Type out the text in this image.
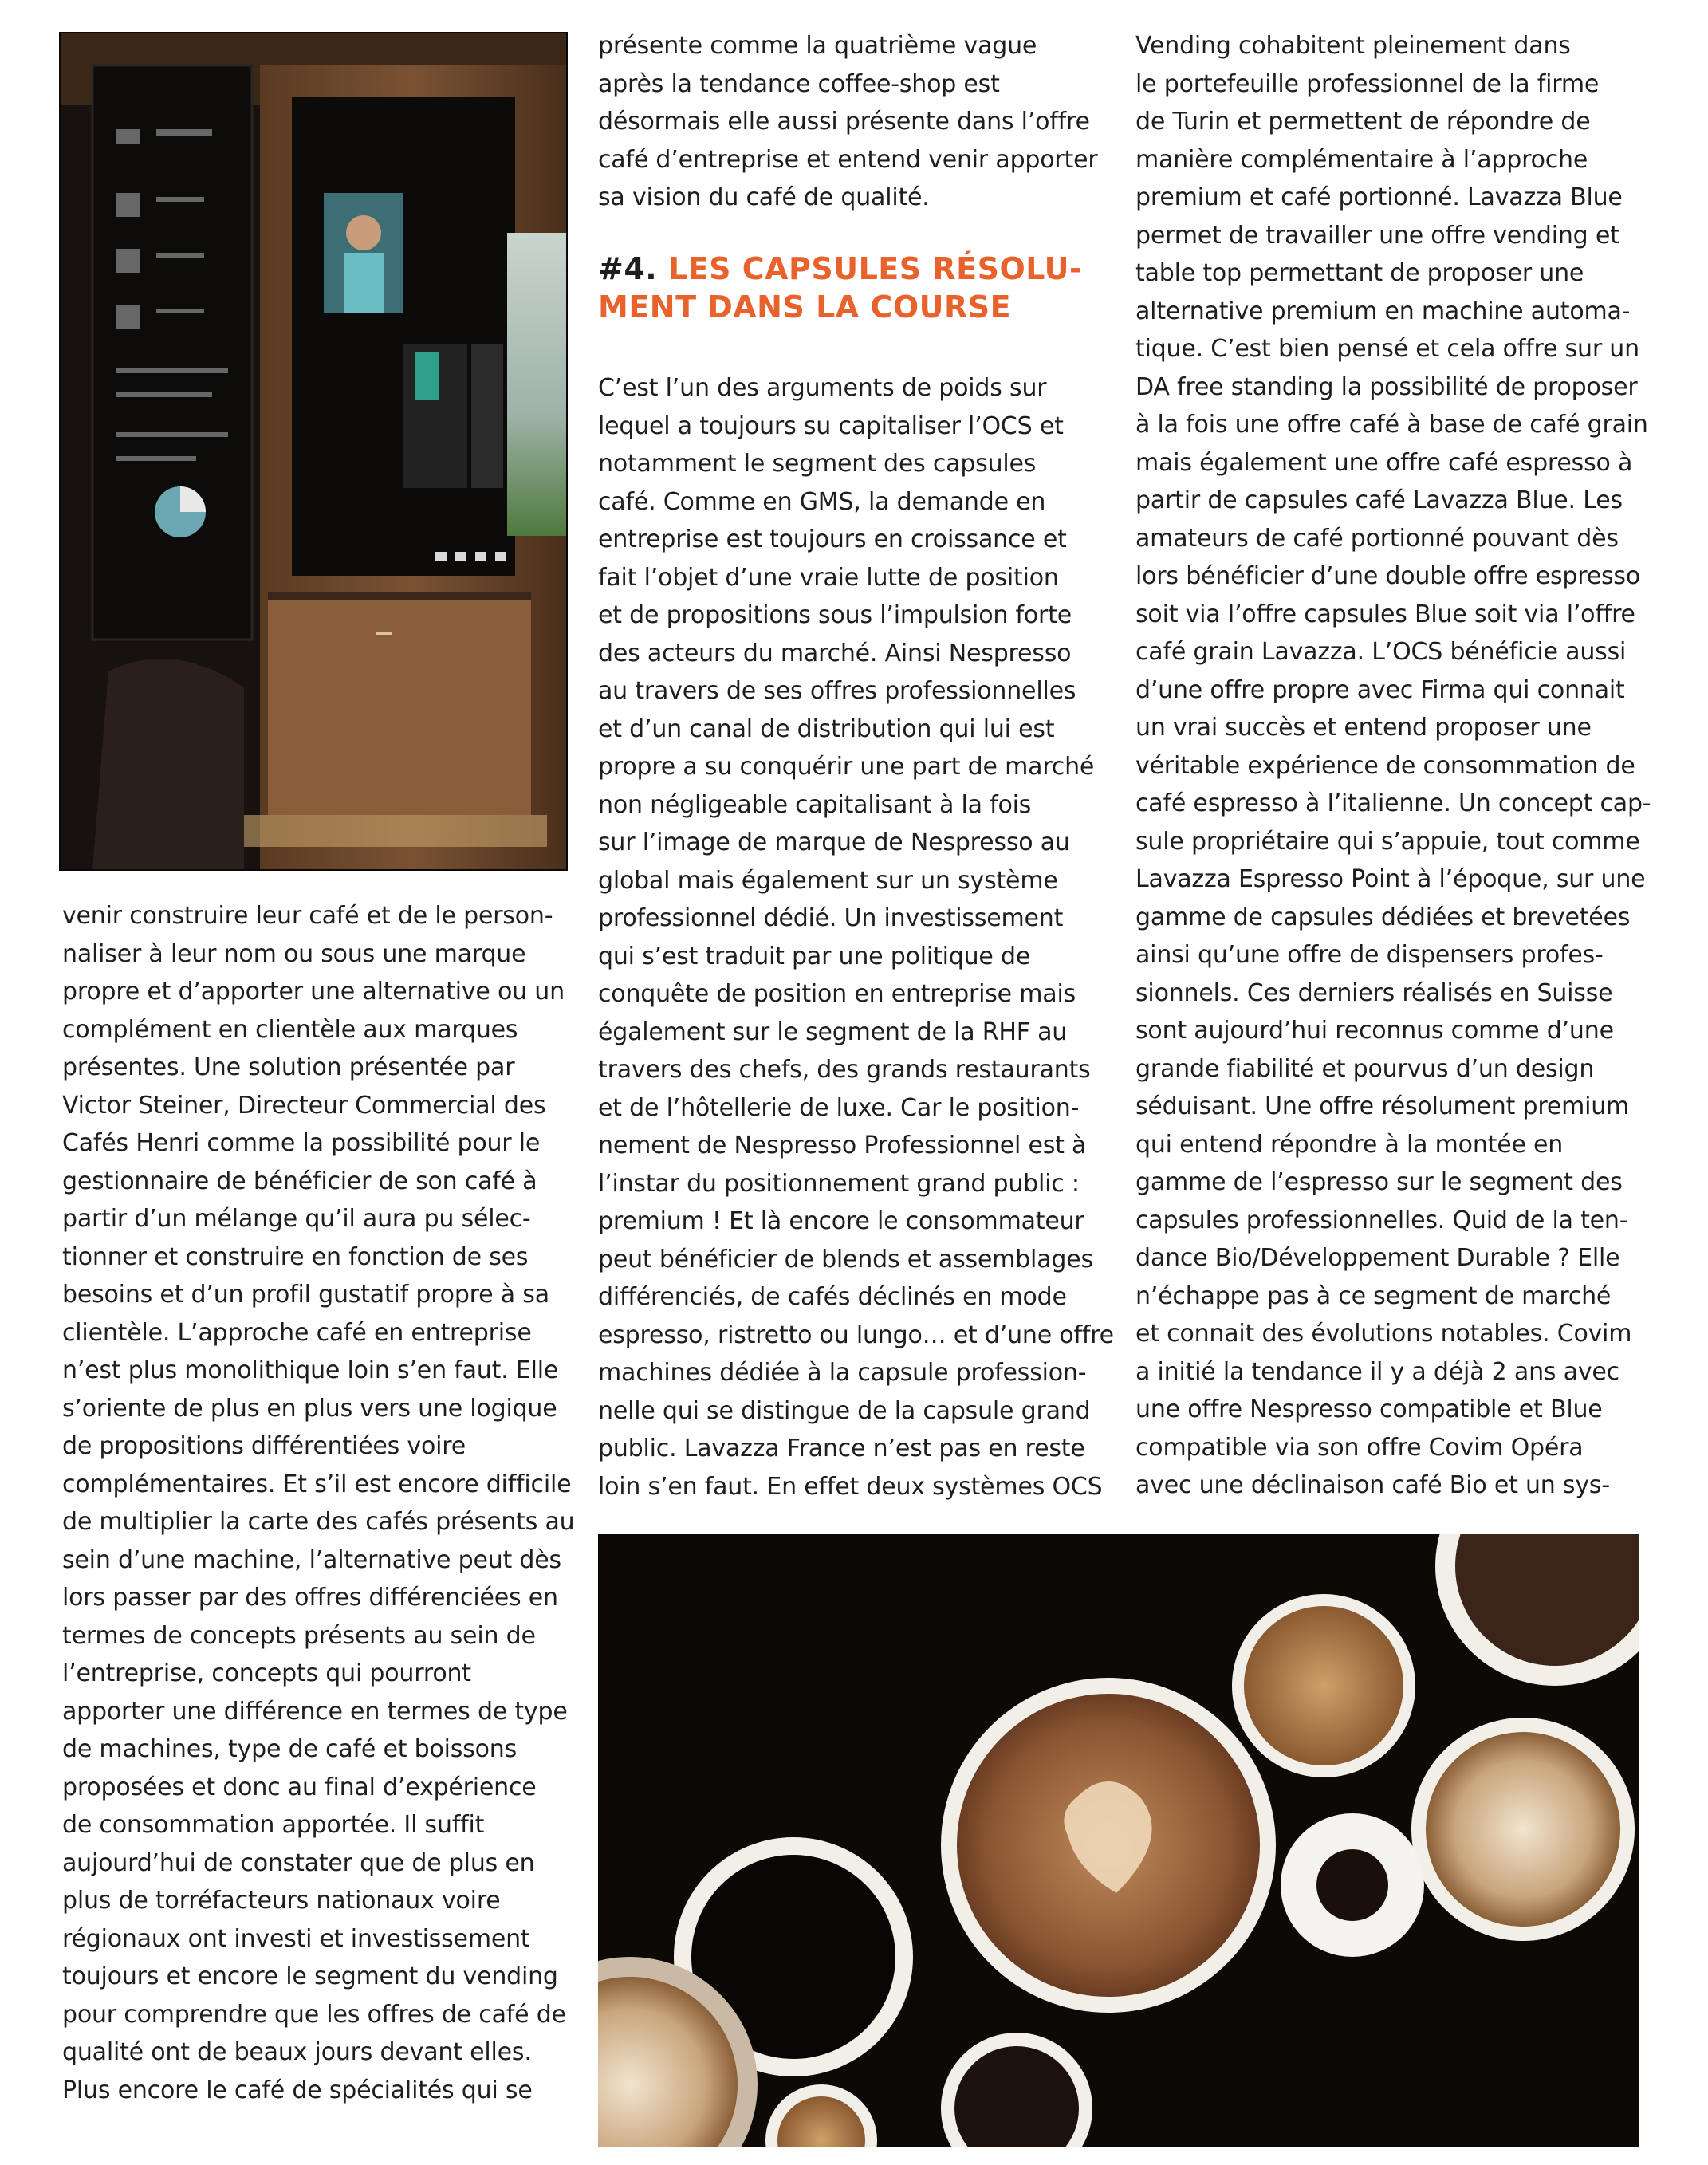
venir construire leur café et de le person-
naliser à leur nom ou sous une marque
propre et d’apporter une alternative ou un
complément en clientèle aux marques
présentes. Une solution présentée par
Victor Steiner, Directeur Commercial des
Cafés Henri comme la possibilité pour le
gestionnaire de bénéficier de son café à
partir d’un mélange qu’il aura pu sélec-
tionner et construire en fonction de ses
besoins et d’un profil gustatif propre à sa
clientèle. L’approche café en entreprise
n’est plus monolithique loin s’en faut. Elle
s’oriente de plus en plus vers une logique
de propositions différentiées voire
complémentaires. Et s’il est encore difficile
de multiplier la carte des cafés présents au
sein d’une machine, l’alternative peut dès
lors passer par des offres différenciées en
termes de concepts présents au sein de
l’entreprise, concepts qui pourront
apporter une différence en termes de type
de machines, type de café et boissons
proposées et donc au final d’expérience
de consommation apportée. Il suffit
aujourd’hui de constater que de plus en
plus de torréfacteurs nationaux voire
régionaux ont investi et investissement
toujours et encore le segment du vending
pour comprendre que les offres de café de
qualité ont de beaux jours devant elles.
Plus encore le café de spécialités qui se

présente comme la quatrième vague
après la tendance coffee-shop est
désormais elle aussi présente dans l’offre
café d’entreprise et entend venir apporter
sa vision du café de qualité.

#4. LES CAPSULES RÉSOLU-
MENT DANS LA COURSE

C’est l’un des arguments de poids sur
lequel a toujours su capitaliser l’OCS et
notamment le segment des capsules
café. Comme en GMS, la demande en
entreprise est toujours en croissance et
fait l’objet d’une vraie lutte de position
et de propositions sous l’impulsion forte
des acteurs du marché. Ainsi Nespresso
au travers de ses offres professionnelles
et d’un canal de distribution qui lui est
propre a su conquérir une part de marché
non négligeable capitalisant à la fois
sur l’image de marque de Nespresso au
global mais également sur un système
professionnel dédié. Un investissement
qui s’est traduit par une politique de
conquête de position en entreprise mais
également sur le segment de la RHF au
travers des chefs, des grands restaurants
et de l’hôtellerie de luxe. Car le position-
nement de Nespresso Professionnel est à
l’instar du positionnement grand public :
premium ! Et là encore le consommateur
peut bénéficier de blends et assemblages
différenciés, de cafés déclinés en mode
espresso, ristretto ou lungo… et d’une offre
machines dédiée à la capsule profession-
nelle qui se distingue de la capsule grand
public. Lavazza France n’est pas en reste
loin s’en faut. En effet deux systèmes OCS

Vending cohabitent pleinement dans
le portefeuille professionnel de la firme
de Turin et permettent de répondre de
manière complémentaire à l’approche
premium et café portionné. Lavazza Blue
permet de travailler une offre vending et
table top permettant de proposer une
alternative premium en machine automa-
tique. C’est bien pensé et cela offre sur un
DA free standing la possibilité de proposer
à la fois une offre café à base de café grain
mais également une offre café espresso à
partir de capsules café Lavazza Blue. Les
amateurs de café portionné pouvant dès
lors bénéficier d’une double offre espresso
soit via l’offre capsules Blue soit via l’offre
café grain Lavazza. L’OCS bénéficie aussi
d’une offre propre avec Firma qui connait
un vrai succès et entend proposer une
véritable expérience de consommation de
café espresso à l’italienne. Un concept cap-
sule propriétaire qui s’appuie, tout comme
Lavazza Espresso Point à l’époque, sur une
gamme de capsules dédiées et brevetées
ainsi qu’une offre de dispensers profes-
sionnels. Ces derniers réalisés en Suisse
sont aujourd’hui reconnus comme d’une
grande fiabilité et pourvus d’un design
séduisant. Une offre résolument premium
qui entend répondre à la montée en
gamme de l’espresso sur le segment des
capsules professionnelles. Quid de la ten-
dance Bio/Développement Durable ? Elle
n’échappe pas à ce segment de marché
et connait des évolutions notables. Covim
a initié la tendance il y a déjà 2 ans avec
une offre Nespresso compatible et Blue
compatible via son offre Covim Opéra
avec une déclinaison café Bio et un sys-
